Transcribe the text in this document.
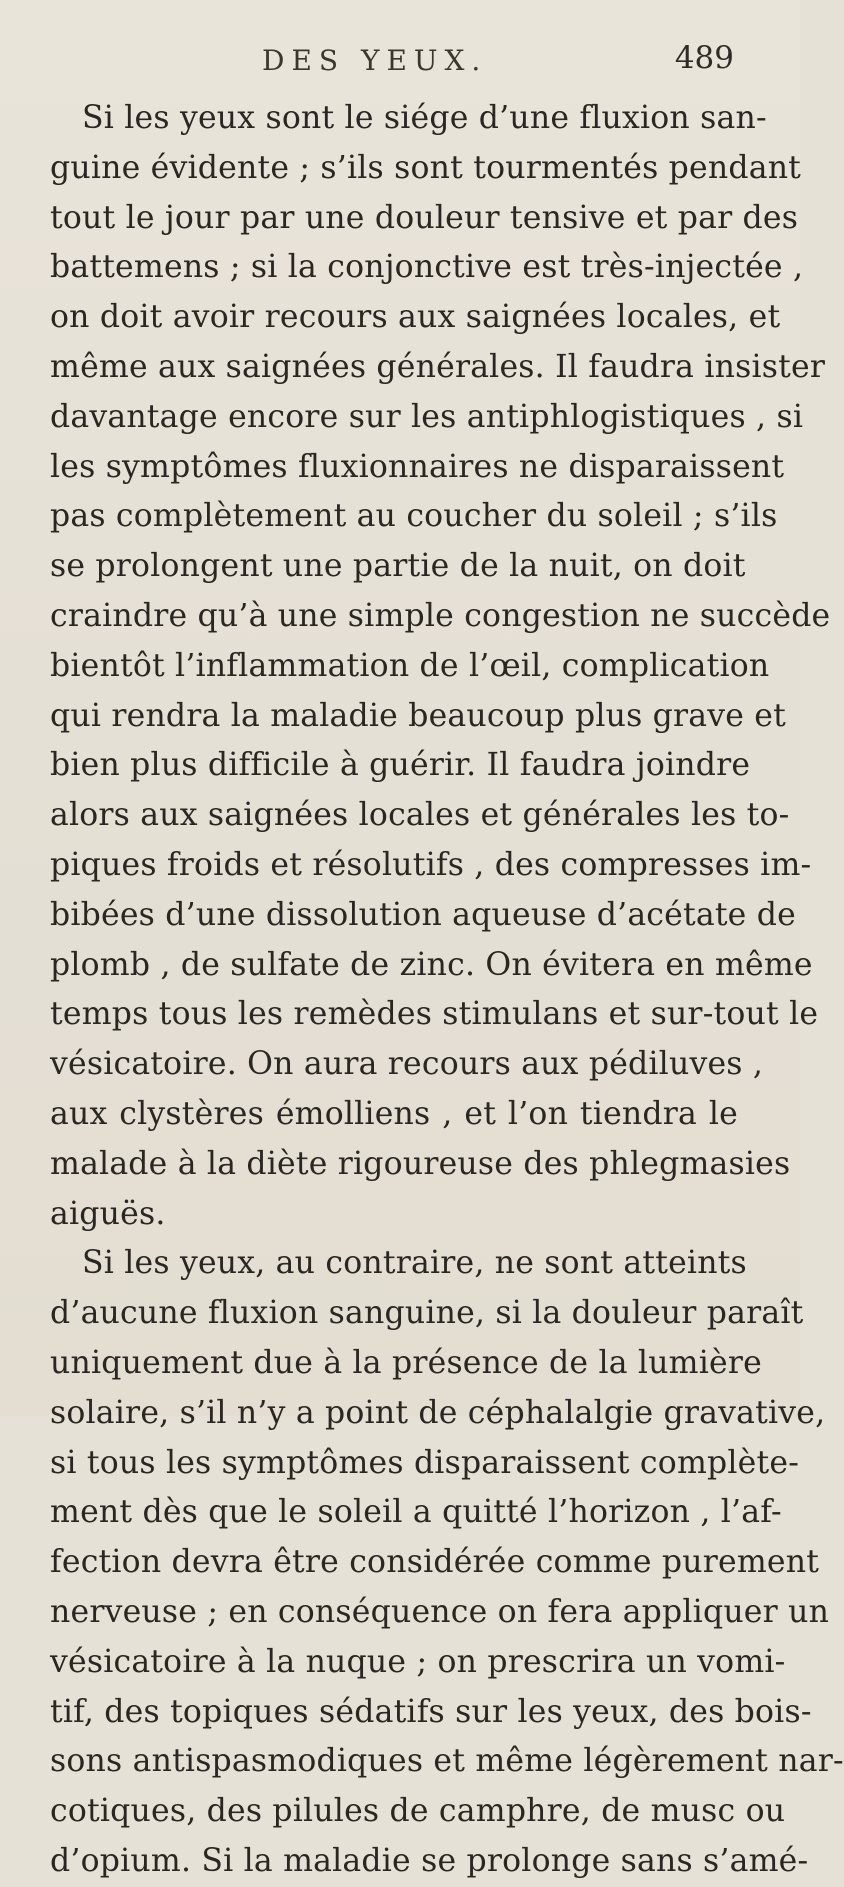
DES YEUX.	489
Si les yeux sont le siége d’une fluxion san-
guine évidente ; s’ils sont tourmentés pendant
tout le jour par une douleur tensive et par des
battemens ; si la conjonctive est très-injectée ,
on doit avoir recours aux saignées locales, et
même aux saignées générales. Il faudra insister
davantage encore sur les antiphlogistiques , si
les symptômes fluxionnaires ne disparaissent
pas complètement au coucher du soleil ; s’ils
se prolongent une partie de la nuit, on doit
craindre qu’à une simple congestion ne succède
bientôt l’inflammation de l’œil, complication
qui rendra la maladie beaucoup plus grave et
bien plus difficile à guérir. Il faudra joindre
alors aux saignées locales et générales les to-
piques froids et résolutifs , des compresses im-
bibées d’une dissolution aqueuse d’acétate de
plomb , de sulfate de zinc. On évitera en même
temps tous les remèdes stimulans et sur-tout le
vésicatoire. On aura recours aux pédiluves ,
aux clystères émolliens , et l’on tiendra le
malade à la diète rigoureuse des phlegmasies
aiguës.
Si les yeux, au contraire, ne sont atteints
d’aucune fluxion sanguine, si la douleur paraît
uniquement due à la présence de la lumière
solaire, s’il n’y a point de céphalalgie gravative,
si tous les symptômes disparaissent complète-
ment dès que le soleil a quitté l’horizon , l’af-
fection devra être considérée comme purement
nerveuse ; en conséquence on fera appliquer un
vésicatoire à la nuque ; on prescrira un vomi-
tif, des topiques sédatifs sur les yeux, des bois-
sons antispasmodiques et même légèrement nar-
cotiques, des pilules de camphre, de musc ou
d’opium. Si la maladie se prolonge sans s’amé-
